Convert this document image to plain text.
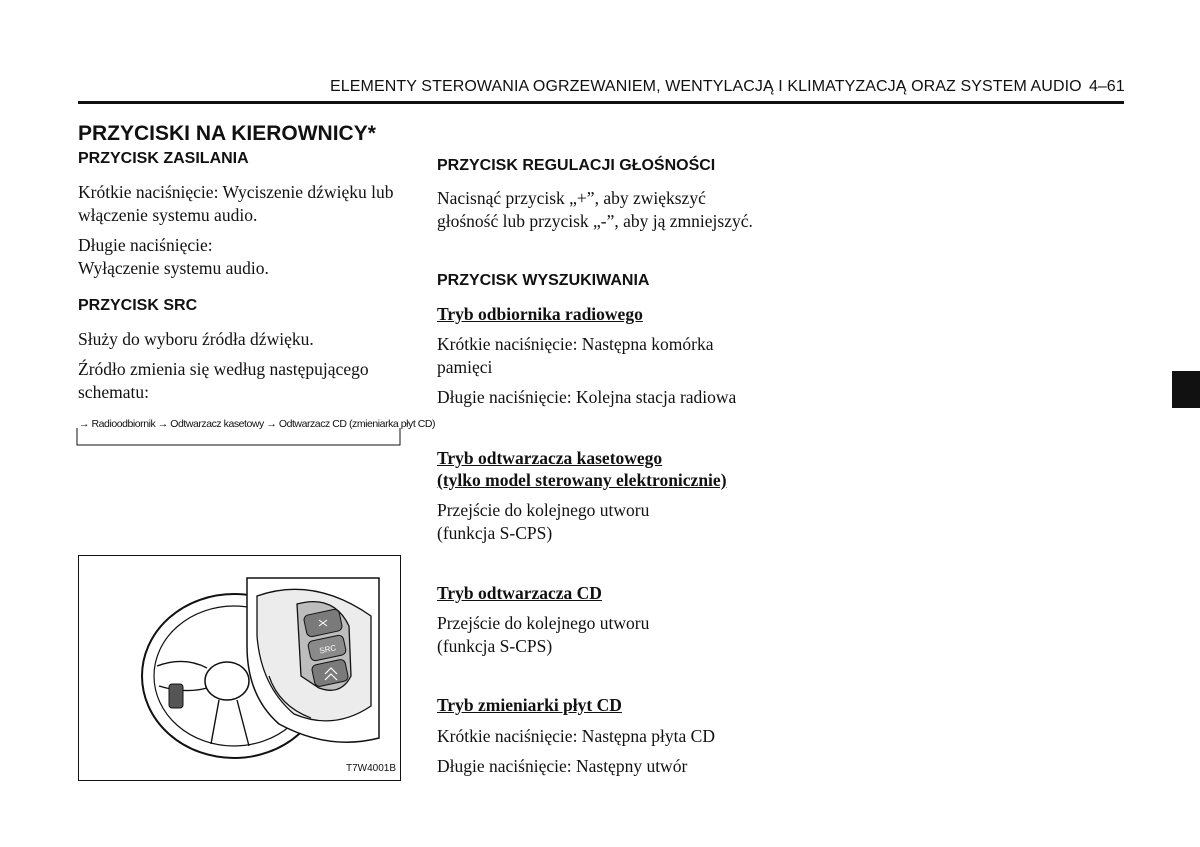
ELEMENTY STEROWANIA OGRZEWANIEM, WENTYLACJĄ I KLIMATYZACJĄ ORAZ SYSTEM AUDIO 4–61
PRZYCISKI NA KIEROWNICY*
PRZYCISK ZASILANIA
Krótkie naciśnięcie: Wyciszenie dźwięku lub
włączenie systemu audio.
Długie naciśnięcie:
Wyłączenie systemu audio.
PRZYCISK SRC
Służy do wyboru źródła dźwięku.
Źródło zmienia się według następującego
schematu:
→ Radioodbiornik → Odtwarzacz kasetowy → Odtwarzacz CD (zmieniarka płyt CD)
SRC
T7W4001B
PRZYCISK REGULACJI GŁOŚNOŚCI
Nacisnąć przycisk „+”, aby zwiększyć
głośność lub przycisk „-”, aby ją zmniejszyć.
PRZYCISK WYSZUKIWANIA
Tryb odbiornika radiowego
Krótkie naciśnięcie: Następna komórka
pamięci
Długie naciśnięcie: Kolejna stacja radiowa
Tryb odtwarzacza kasetowego
(tylko model sterowany elektronicznie)
Przejście do kolejnego utworu
(funkcja S-CPS)
Tryb odtwarzacza CD
Przejście do kolejnego utworu
(funkcja S-CPS)
Tryb zmieniarki płyt CD
Krótkie naciśnięcie: Następna płyta CD
Długie naciśnięcie: Następny utwór
